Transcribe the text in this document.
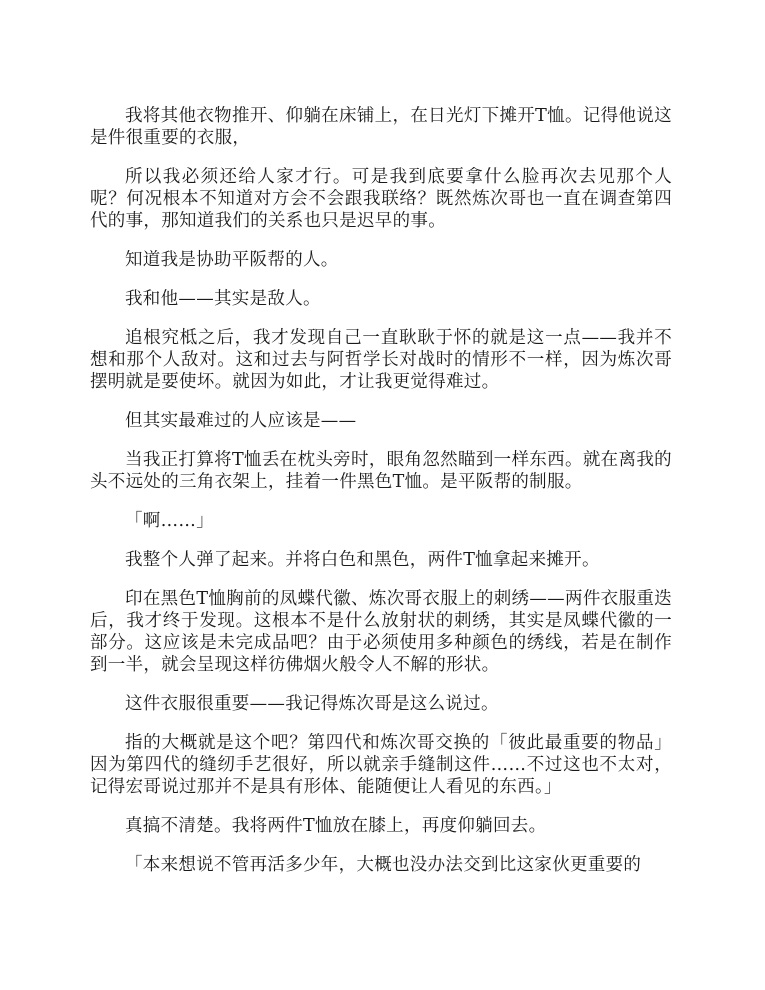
我将其他衣物推开、仰躺在床铺上，在日光灯下摊开T恤。记得他说这是件很重要的衣服，

所以我必须还给人家才行。可是我到底要拿什么脸再次去见那个人呢？何况根本不知道对方会不会跟我联络？既然炼次哥也一直在调查第四代的事，那知道我们的关系也只是迟早的事。

知道我是协助平阪帮的人。

我和他——其实是敌人。

追根究柢之后，我才发现自己一直耿耿于怀的就是这一点——我并不想和那个人敌对。这和过去与阿哲学长对战时的情形不一样，因为炼次哥摆明就是要使坏。就因为如此，才让我更觉得难过。

但其实最难过的人应该是——

当我正打算将T恤丢在枕头旁时，眼角忽然瞄到一样东西。就在离我的头不远处的三角衣架上，挂着一件黑色T恤。是平阪帮的制服。

「啊……」

我整个人弹了起来。并将白色和黑色，两件T恤拿起来摊开。

印在黑色T恤胸前的凤蝶代徽、炼次哥衣服上的刺绣——两件衣服重迭后，我才终于发现。这根本不是什么放射状的刺绣，其实是凤蝶代徽的一部分。这应该是未完成品吧？由于必须使用多种颜色的绣线，若是在制作到一半，就会呈现这样彷佛烟火般令人不解的形状。

这件衣服很重要——我记得炼次哥是这么说过。

指的大概就是这个吧？第四代和炼次哥交换的「彼此最重要的物品」因为第四代的缝纫手艺很好，所以就亲手缝制这件……不过这也不太对，记得宏哥说过那并不是具有形体、能随便让人看见的东西。」

真搞不清楚。我将两件T恤放在膝上，再度仰躺回去。

「本来想说不管再活多少年，大概也没办法交到比这家伙更重要的
